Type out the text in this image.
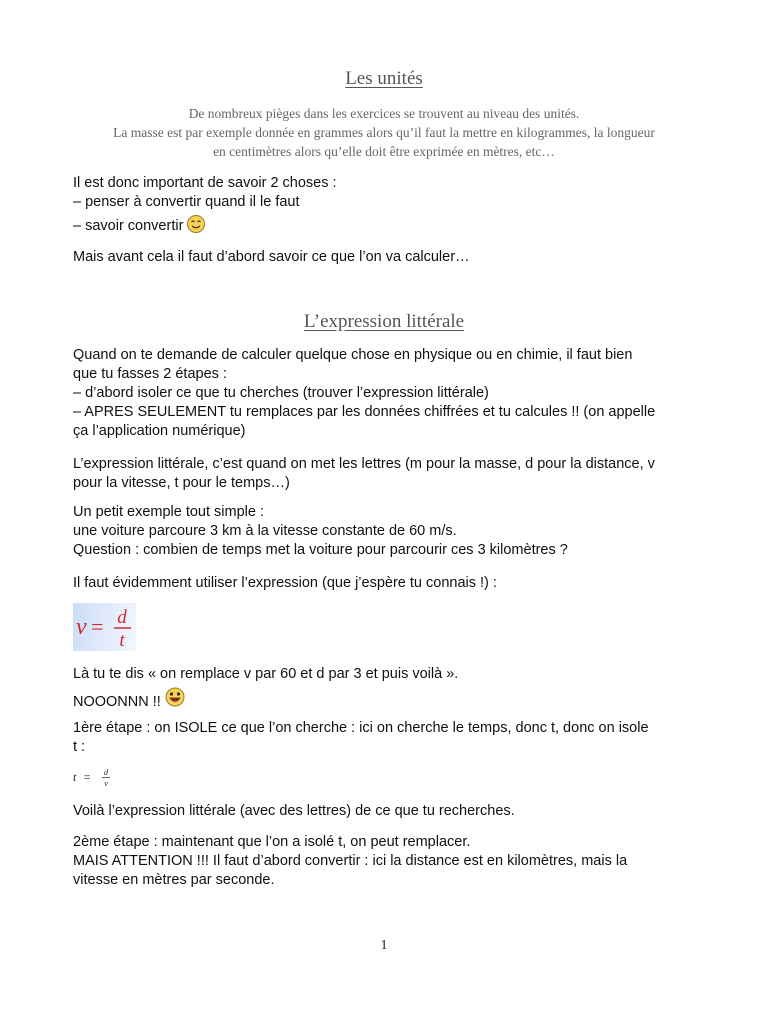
Les unités
De nombreux pièges dans les exercices se trouvent au niveau des unités.
La masse est par exemple donnée en grammes alors qu’il faut la mettre en kilogrammes, la longueur
en centimètres alors qu’elle doit être exprimée en mètres, etc…
Il est donc important de savoir 2 choses :
– penser à convertir quand il le faut
– savoir convertir
Mais avant cela il faut d’abord savoir ce que l’on va calculer…
L’expression littérale
Quand on te demande de calculer quelque chose en physique ou en chimie, il faut bien
que tu fasses 2 étapes :
– d’abord isoler ce que tu cherches (trouver l’expression littérale)
– APRES SEULEMENT tu remplaces par les données chiffrées et tu calcules !! (on appelle
ça l’application numérique)
L’expression littérale, c’est quand on met les lettres (m pour la masse, d pour la distance, v
pour la vitesse, t pour le temps…)
Un petit exemple tout simple :
une voiture parcoure 3 km à la vitesse constante de 60 m/s.
Question : combien de temps met la voiture pour parcourir ces 3 kilomètres ?
Il faut évidemment utiliser l’expression (que j’espère tu connais !) :
v = d
t
Là tu te dis « on remplace v par 60 et d par 3 et puis voilà ».
NOOONNN !!
1ère étape : on ISOLE ce que l’on cherche : ici on cherche le temps, donc t, donc on isole
t :
t = d
v
Voilà l’expression littérale (avec des lettres) de ce que tu recherches.
2ème étape : maintenant que l’on a isolé t, on peut remplacer.
MAIS ATTENTION !!! Il faut d’abord convertir : ici la distance est en kilomètres, mais la
vitesse en mètres par seconde.
1
